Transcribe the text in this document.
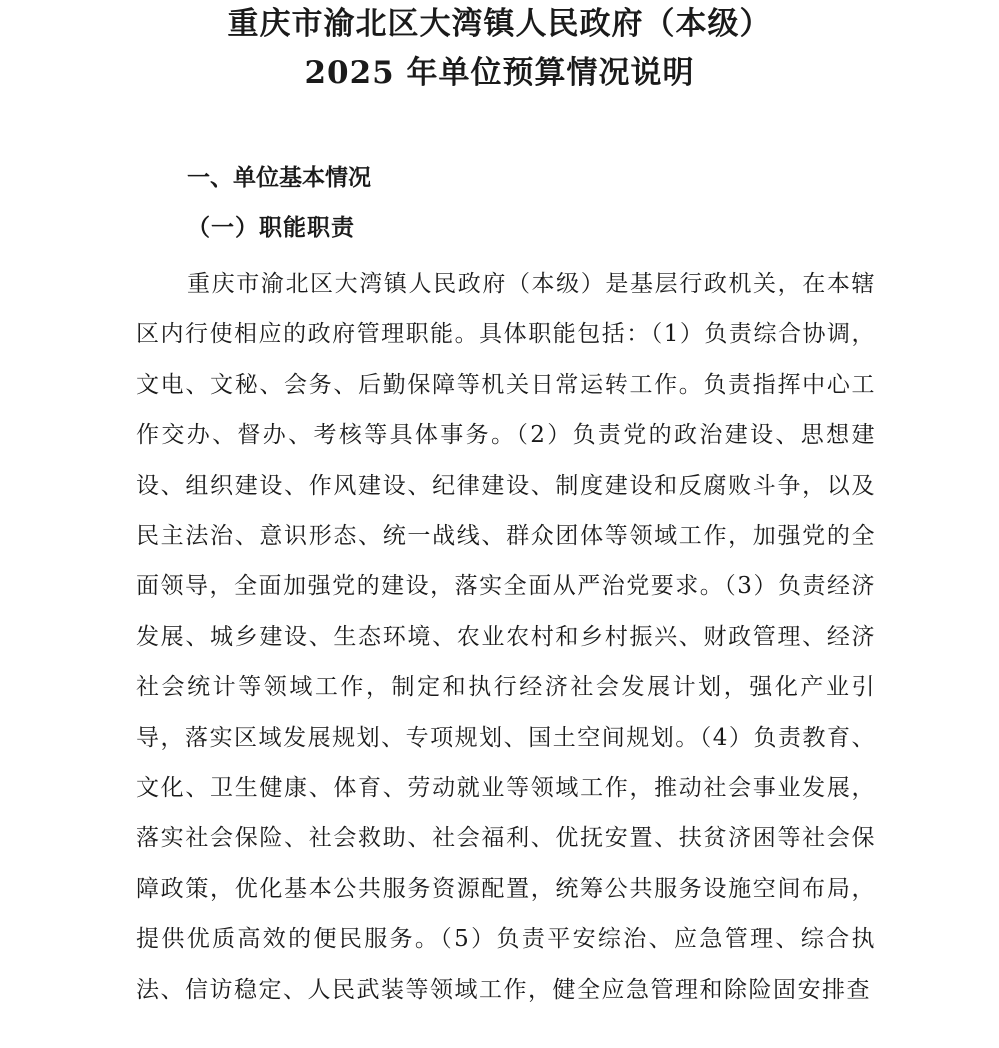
重庆市渝北区大湾镇人民政府（本级）
2025 年单位预算情况说明
一、单位基本情况
（一）职能职责

重庆市渝北区大湾镇人民政府（本级）是基层行政机关，在本辖区内行使相应的政府管理职能。具体职能包括：（1）负责综合协调，文电、文秘、会务、后勤保障等机关日常运转工作。负责指挥中心工作交办、督办、考核等具体事务。（2）负责党的政治建设、思想建设、组织建设、作风建设、纪律建设、制度建设和反腐败斗争，以及民主法治、意识形态、统一战线、群众团体等领域工作，加强党的全面领导，全面加强党的建设，落实全面从严治党要求。（3）负责经济发展、城乡建设、生态环境、农业农村和乡村振兴、财政管理、经济社会统计等领域工作，制定和执行经济社会发展计划，强化产业引导，落实区域发展规划、专项规划、国土空间规划。（4）负责教育、文化、卫生健康、体育、劳动就业等领域工作，推动社会事业发展，落实社会保险、社会救助、社会福利、优抚安置、扶贫济困等社会保障政策，优化基本公共服务资源配置，统筹公共服务设施空间布局，提供优质高效的便民服务。（5）负责平安综治、应急管理、综合执法、信访稳定、人民武装等领域工作，健全应急管理和除险固安排查
